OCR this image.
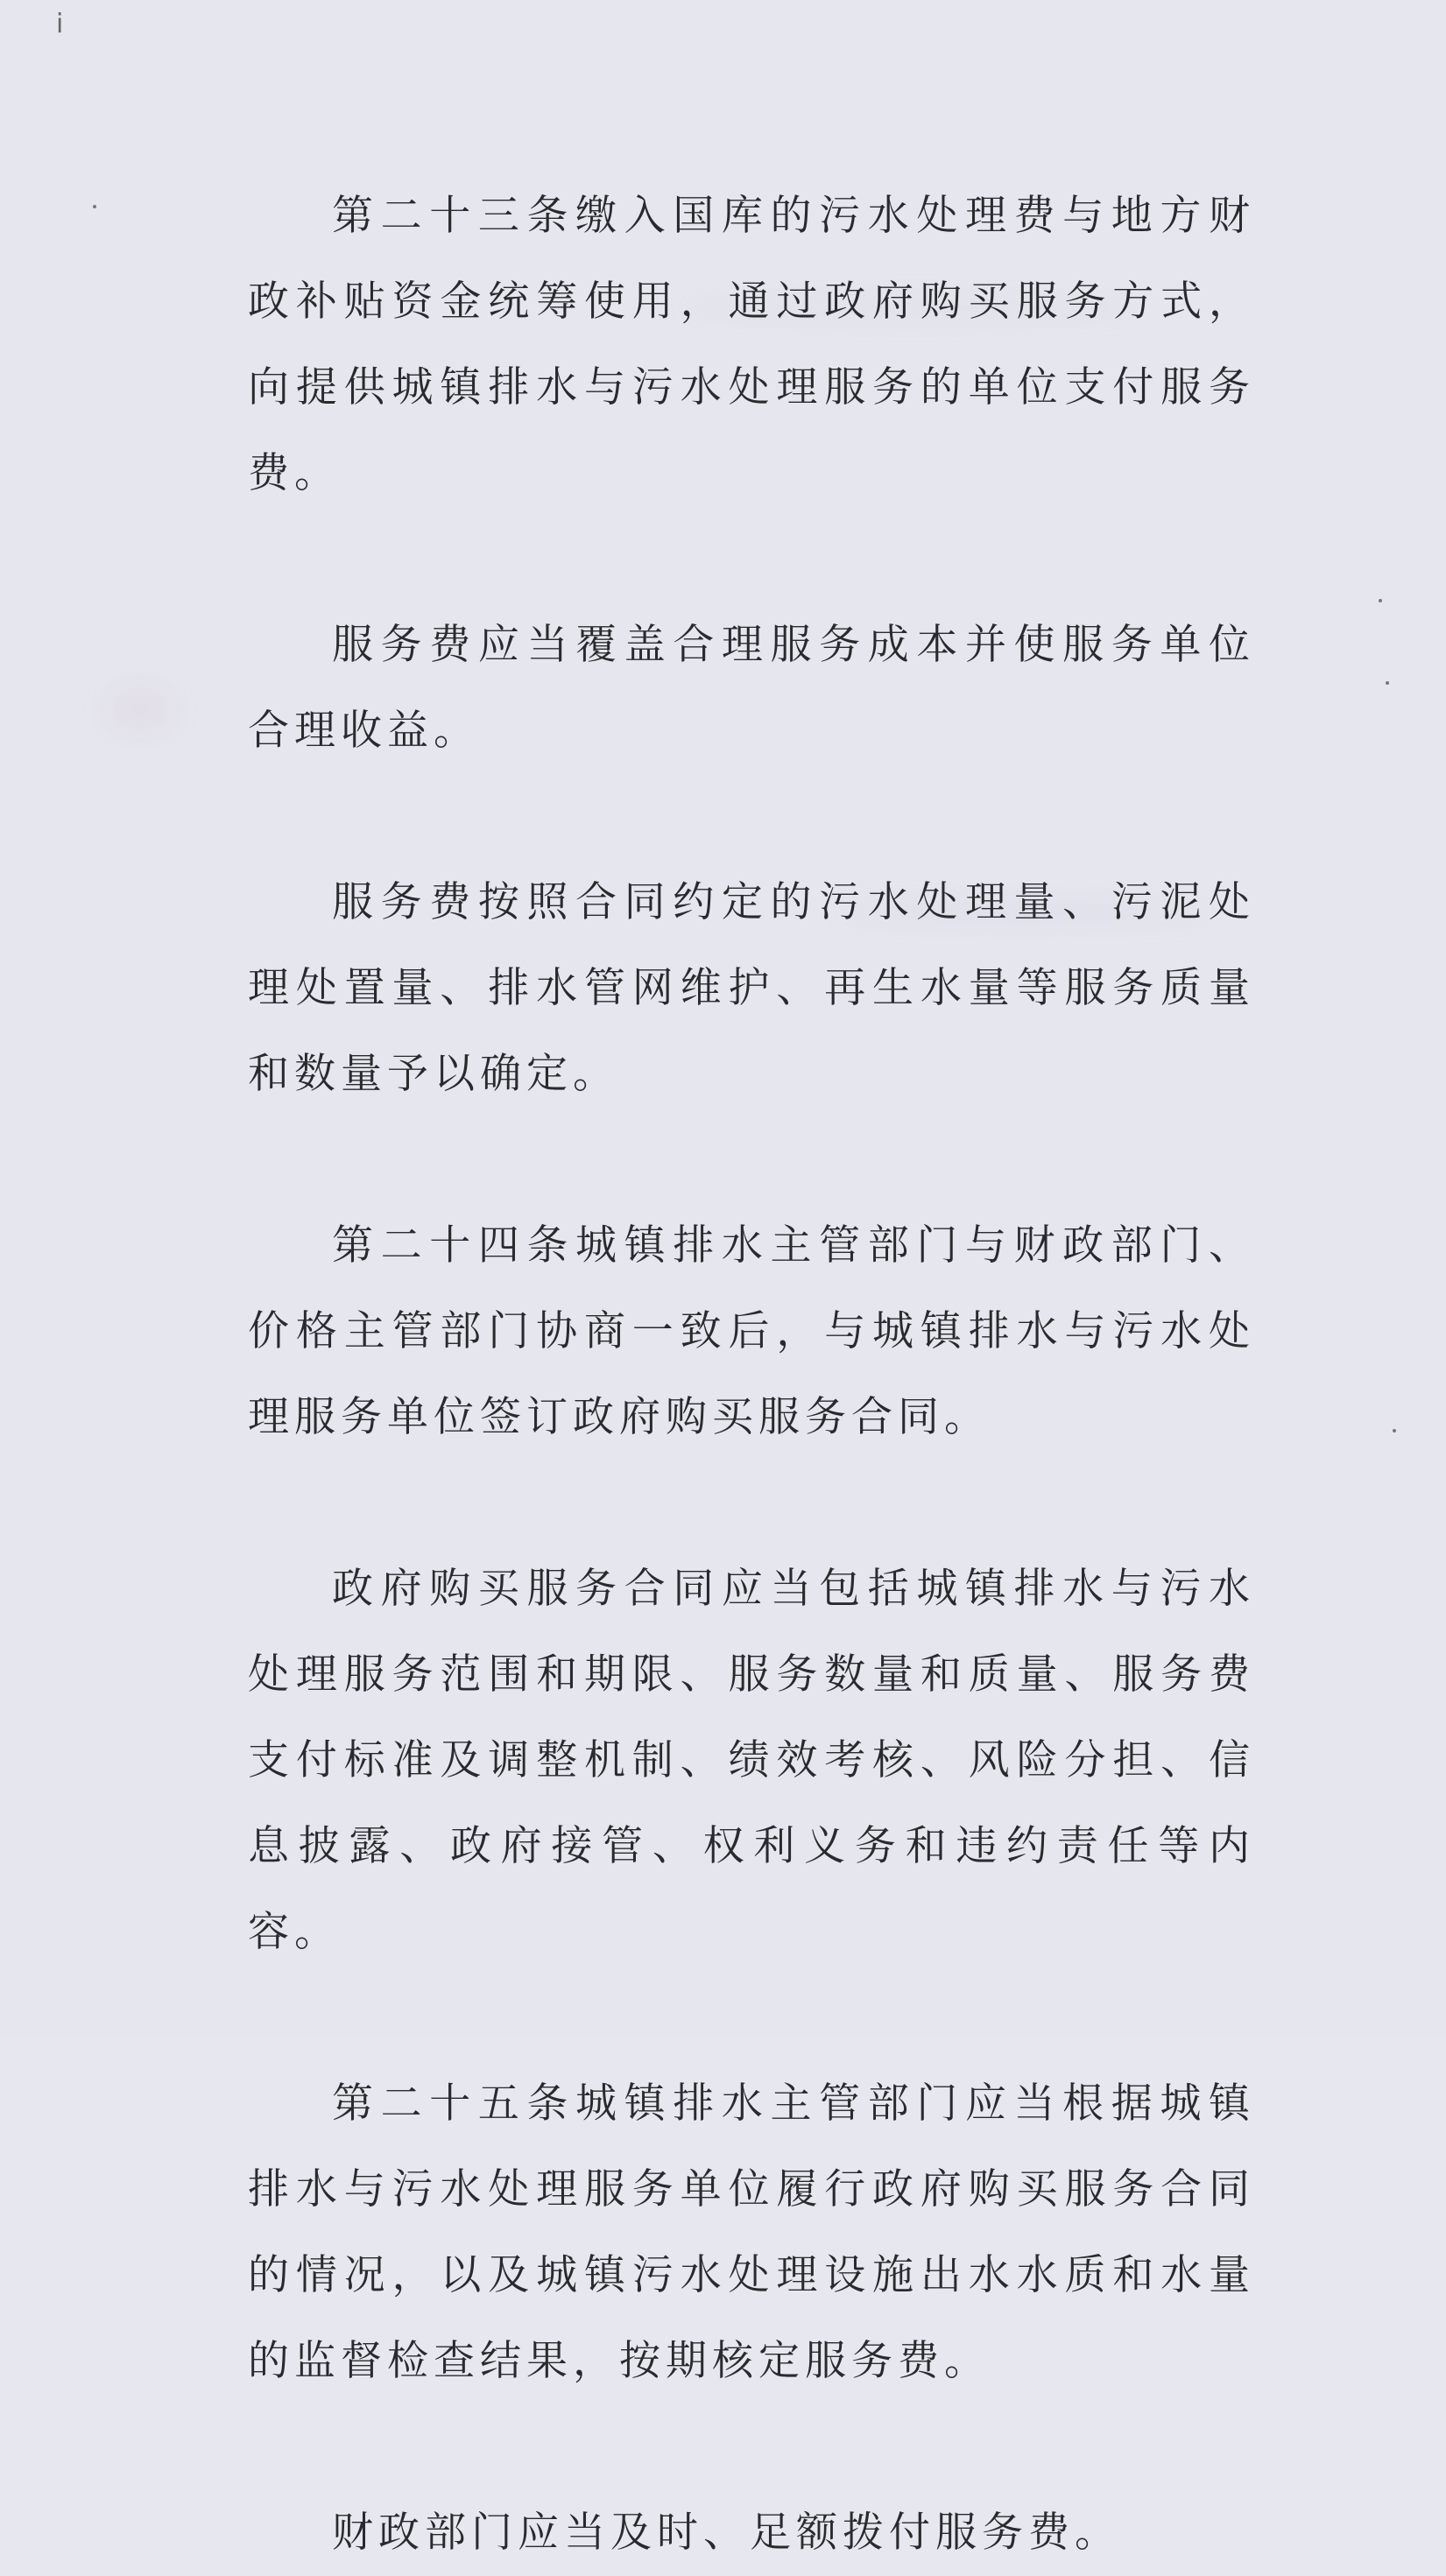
i

第二十三条缴入国库的污水处理费与地方财政补贴资金统筹使用，通过政府购买服务方式，向提供城镇排水与污水处理服务的单位支付服务费。

服务费应当覆盖合理服务成本并使服务单位合理收益。

服务费按照合同约定的污水处理量、污泥处理处置量、排水管网维护、再生水量等服务质量和数量予以确定。

第二十四条城镇排水主管部门与财政部门、价格主管部门协商一致后，与城镇排水与污水处理服务单位签订政府购买服务合同。

政府购买服务合同应当包括城镇排水与污水处理服务范围和期限、服务数量和质量、服务费支付标准及调整机制、绩效考核、风险分担、信息披露、政府接管、权利义务和违约责任等内容。

第二十五条城镇排水主管部门应当根据城镇排水与污水处理服务单位履行政府购买服务合同的情况，以及城镇污水处理设施出水水质和水量的监督检查结果，按期核定服务费。

财政部门应当及时、足额拨付服务费。
